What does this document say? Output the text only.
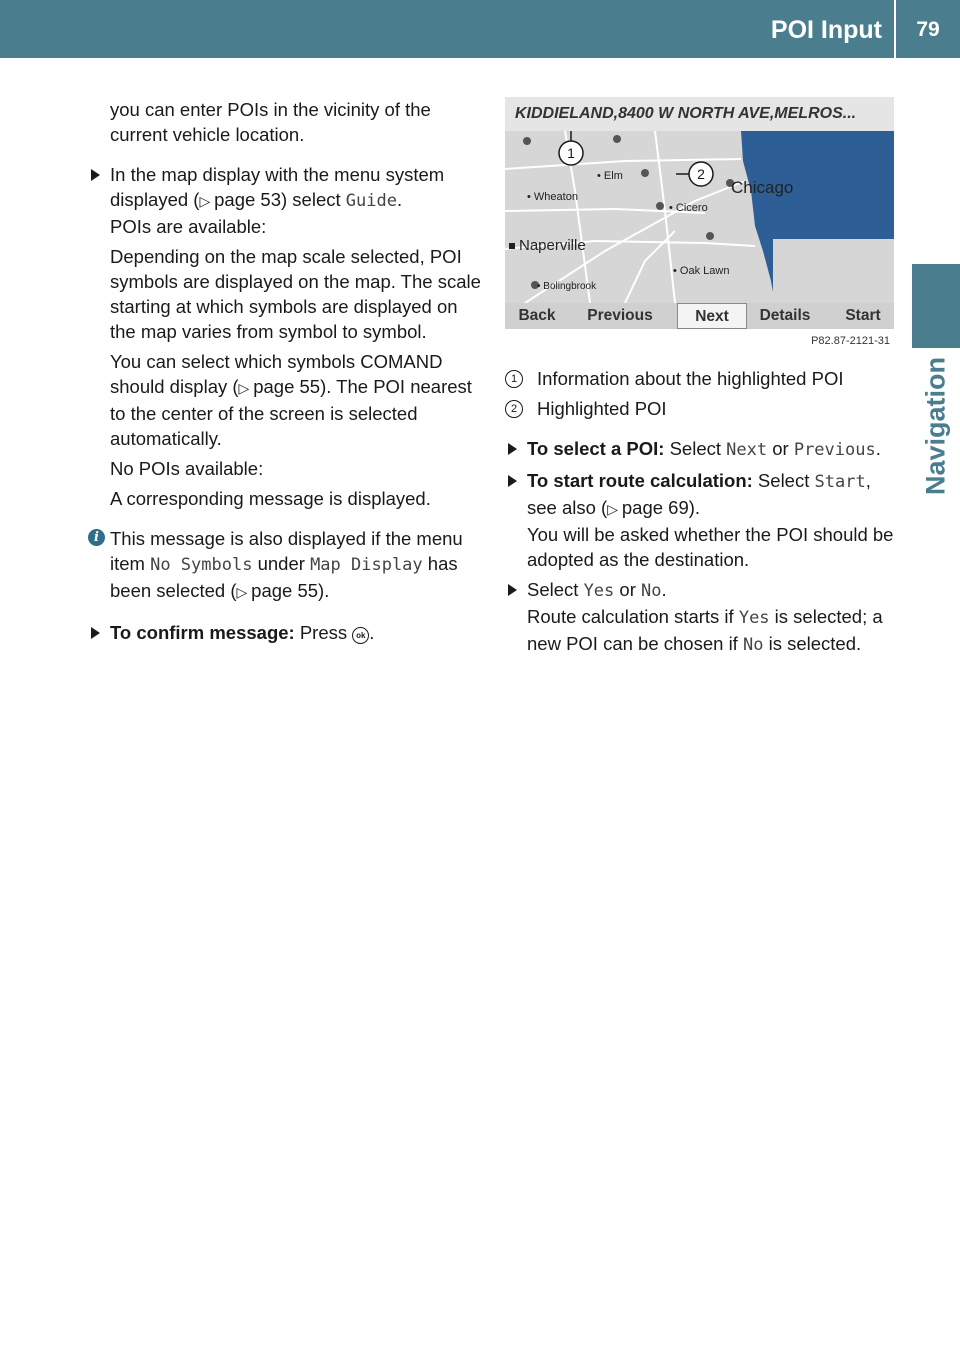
POI Input	79
Navigation

you can enter POIs in the vicinity of the current vehicle location.

In the map display with the menu system displayed (▷ page 53) select Guide.

POIs are available:

Depending on the map scale selected, POI symbols are displayed on the map. The scale starting at which symbols are displayed on the map varies from symbol to symbol.

You can select which symbols COMAND should display (▷ page 55). The POI nearest to the center of the screen is selected automatically.

No POIs available:

A corresponding message is displayed.

i This message is also displayed if the menu item No Symbols under Map Display has been selected (▷ page 55).
To confirm message: Press ok .
KIDDIELAND,8400 W NORTH AVE,MELROS...
1
2
• Elm
• Wheaton	Chicago
• Cicero
Naperville
• Oak Lawn
• Bolingbrook
Back	Previous	Next	Details	Start
P82.87-2121-31
1	Information about the highlighted POI
2	Highlighted POI
To select a POI: Select Next or Previous.
To start route calculation: Select Start, see also (▷ page 69).

You will be asked whether the POI should be adopted as the destination.

Select Yes or No.

Route calculation starts if Yes is selected; a new POI can be chosen if No is selected.
